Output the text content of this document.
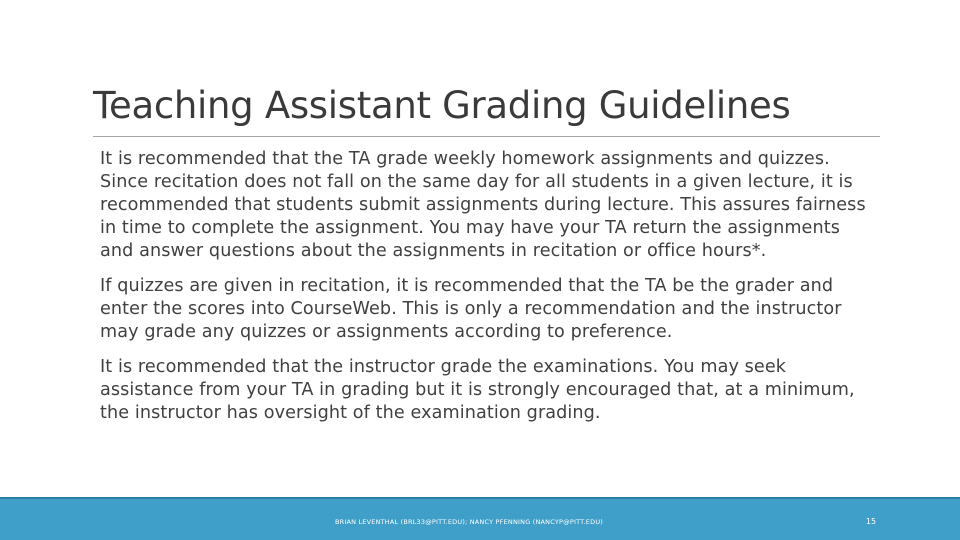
Teaching Assistant Grading Guidelines

It is recommended that the TA grade weekly homework assignments and quizzes. Since recitation does not fall on the same day for all students in a given lecture, it is recommended that students submit assignments during lecture. This assures fairness in time to complete the assignment. You may have your TA return the assignments and answer questions about the assignments in recitation or office hours*.

If quizzes are given in recitation, it is recommended that the TA be the grader and enter the scores into CourseWeb. This is only a recommendation and the instructor may grade any quizzes or assignments according to preference.

It is recommended that the instructor grade the examinations. You may seek assistance from your TA in grading but it is strongly encouraged that, at a minimum, the instructor has oversight of the examination grading.

BRIAN LEVENTHAL (BRL33@PITT.EDU); NANCY PFENNING (NANCYP@PITT.EDU)	15
